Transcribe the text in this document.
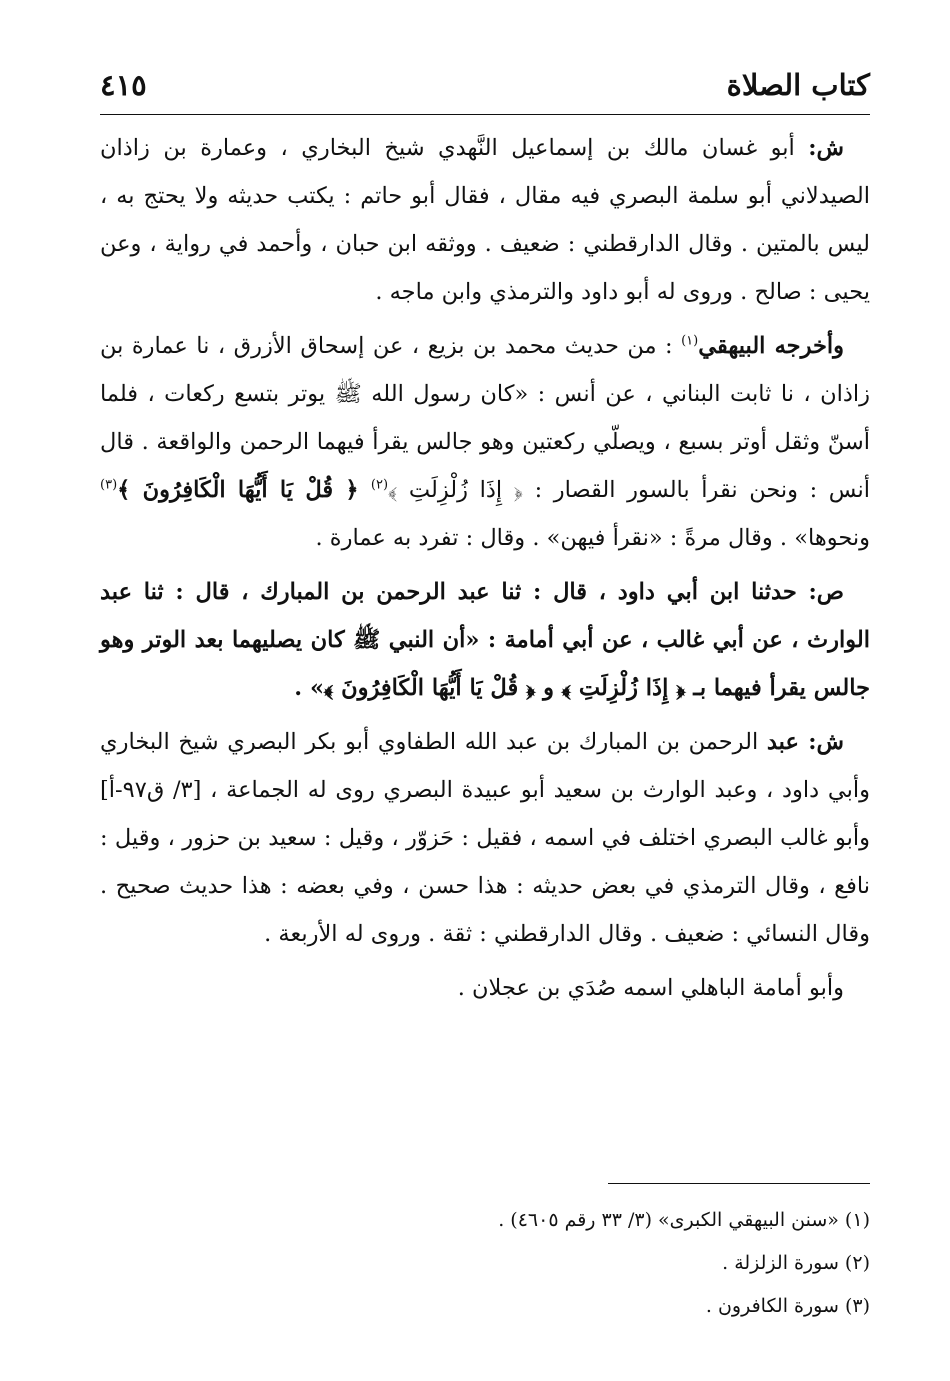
كتاب الصلاة
٤١٥

ش: أبو غسان مالك بن إسماعيل النَّهدي شيخ البخاري ، وعمارة بن زاذان الصيدلاني أبو سلمة البصري فيه مقال ، فقال أبو حاتم : يكتب حديثه ولا يحتج به ، ليس بالمتين . وقال الدارقطني : ضعيف . ووثقه ابن حبان ، وأحمد في رواية ، وعن يحيى : صالح . وروى له أبو داود والترمذي وابن ماجه .

وأخرجه البيهقي$^{(١)}$ : من حديث محمد بن بزيع ، عن إسحاق الأزرق ، نا عمارة بن زاذان ، نا ثابت البناني ، عن أنس : «كان رسول الله ﷺ يوتر بتسع ركعات ، فلما أسنّ وثقل أوتر بسبع ، ويصلّي ركعتين وهو جالس يقرأ فيهما الرحمن والواقعة . قال أنس : ونحن نقرأ بالسور القصار : ﴿ إِذَا زُلْزِلَتِ ﴾$^{(٢)}$ ﴿ قُلْ يَا أَيُّهَا الْكَافِرُونَ ﴾$^{(٣)}$ ونحوها» . وقال مرةً : «نقرأ فيهن» . وقال : تفرد به عمارة .

ص: حدثنا ابن أبي داود ، قال : ثنا عبد الرحمن بن المبارك ، قال : ثنا عبد الوارث ، عن أبي غالب ، عن أبي أمامة : «أن النبي ﷺ كان يصليهما بعد الوتر وهو جالس يقرأ فيهما بـ ﴿ إِذَا زُلْزِلَتِ ﴾ و ﴿ قُلْ يَا أَيُّهَا الْكَافِرُونَ ﴾» .

ش: عبد الرحمن بن المبارك بن عبد الله الطفاوي أبو بكر البصري شيخ البخاري وأبي داود ، وعبد الوارث بن سعيد أبو عبيدة البصري روى له الجماعة ، [٣/ ق٩٧-أ] وأبو غالب البصري اختلف في اسمه ، فقيل : حَزوّر ، وقيل : سعيد بن حزور ، وقيل : نافع ، وقال الترمذي في بعض حديثه : هذا حسن ، وفي بعضه : هذا حديث صحيح . وقال النسائي : ضعيف . وقال الدارقطني : ثقة . وروى له الأربعة .

وأبو أمامة الباهلي اسمه صُدَي بن عجلان .

(١) «سنن البيهقي الكبرى» (٣/ ٣٣ رقم ٤٦٠٥) .

(٢) سورة الزلزلة .

(٣) سورة الكافرون .
